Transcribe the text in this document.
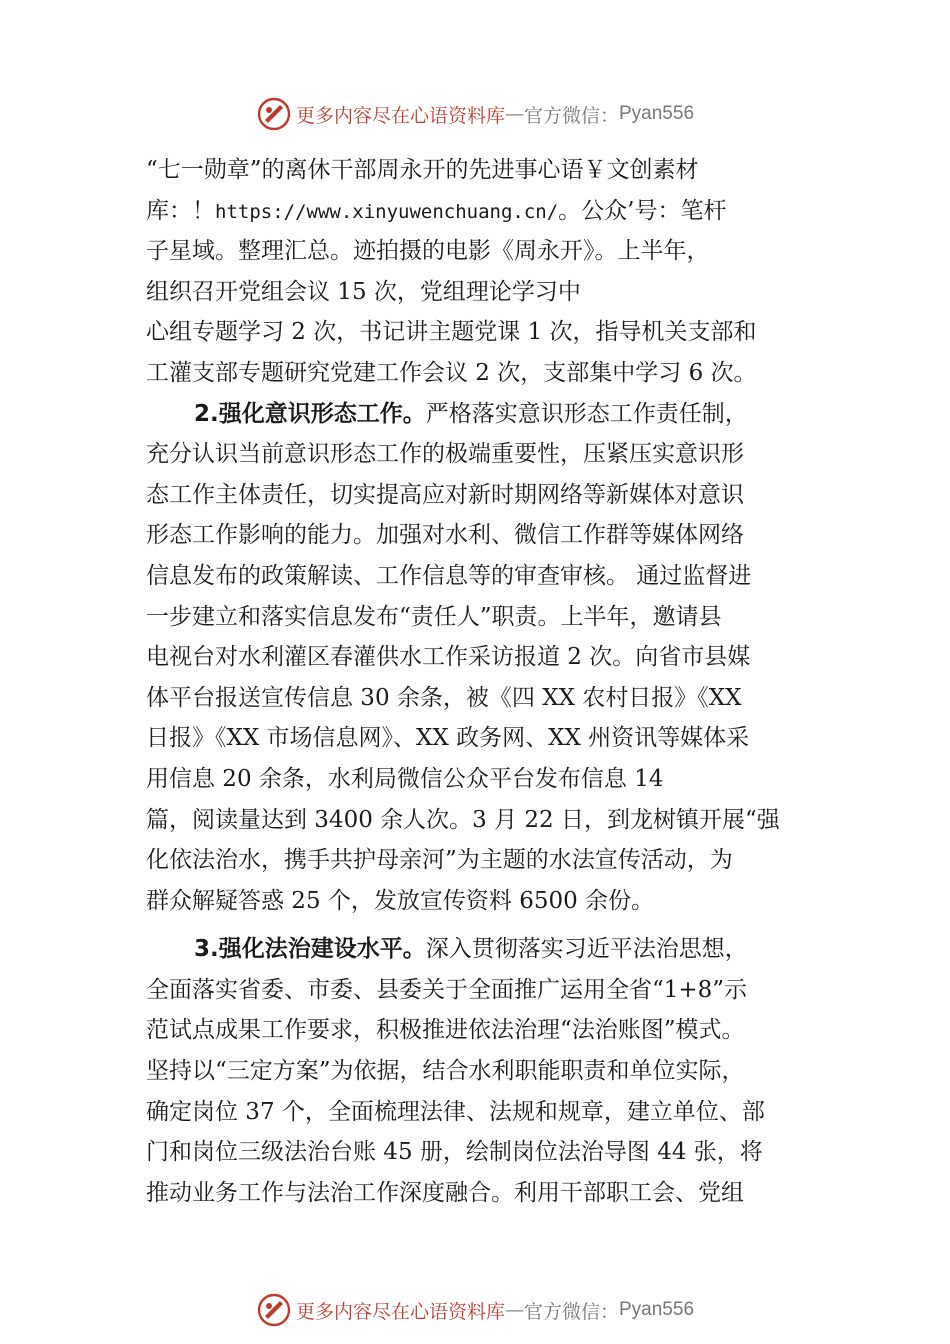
更多内容尽在心语资料库 — 官方微信： Pyan556
“七一勋章”的离休干部周永开的先进事心语￥文创素材
库：！https://www.xinyuwenchuang.cn/。公众’号：笔杆
子星域。整理汇总。迹拍摄的电影《周永开》。上半年，
组织召开党组会议 15 次，党组理论学习中
心组专题学习 2 次，书记讲主题党课 1 次，指导机关支部和
工灌支部专题研究党建工作会议 2 次，支部集中学习 6 次。
2.强化意识形态工作。严格落实意识形态工作责任制，
充分认识当前意识形态工作的极端重要性，压紧压实意识形
态工作主体责任，切实提高应对新时期网络等新媒体对意识
形态工作影响的能力。加强对水利、微信工作群等媒体网络
信息发布的政策解读、工作信息等的审查审核。 通过监督进
一步建立和落实信息发布“责任人”职责。上半年，邀请县
电视台对水利灌区春灌供水工作采访报道 2 次。向省市县媒
体平台报送宣传信息 30 余条，被《四 XX 农村日报》《XX
日报》《XX 市场信息网》、XX 政务网、XX 州资讯等媒体采
用信息 20 余条，水利局微信公众平台发布信息 14
篇，阅读量达到 3400 余人次。3 月 22 日，到龙树镇开展“强
化依法治水，携手共护母亲河”为主题的水法宣传活动，为
群众解疑答惑 25 个，发放宣传资料 6500 余份。
3.强化法治建设水平。深入贯彻落实习近平法治思想，
全面落实省委、市委、县委关于全面推广运用全省“1+8”示
范试点成果工作要求，积极推进依法治理“法治账图”模式。
坚持以“三定方案”为依据，结合水利职能职责和单位实际，
确定岗位 37 个，全面梳理法律、法规和规章，建立单位、部
门和岗位三级法治台账 45 册，绘制岗位法治导图 44 张，将
推动业务工作与法治工作深度融合。利用干部职工会、党组
更多内容尽在心语资料库 — 官方微信： Pyan556
